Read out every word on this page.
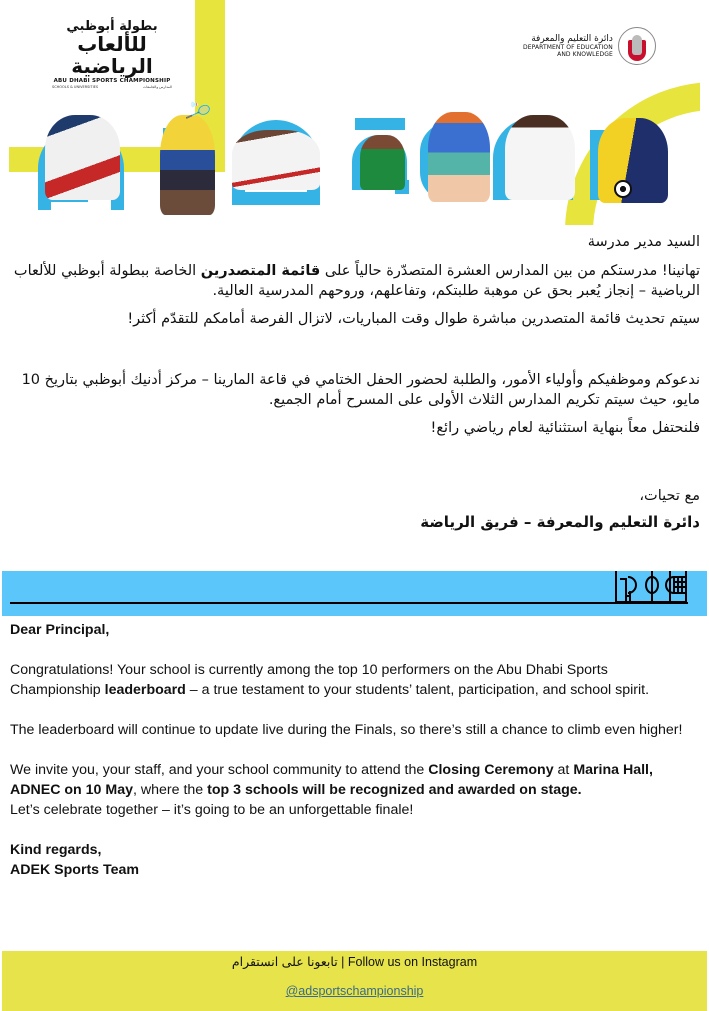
بطولة أبوظبي
للألعاب الرياضية
ABU DHABI SPORTS CHAMPIONSHIP
SCHOOLS & UNIVERSITIES	المدارس والجامعات
دائرة التعليم والمعرفة
DEPARTMENT OF EDUCATION
AND KNOWLEDGE
🏸

السيد مدير مدرسة

تهانينا! مدرستكم من بين المدارس العشرة المتصدّرة حالياً على قائمة المتصدرين الخاصة ببطولة أبوظبي للألعاب الرياضية – إنجاز يُعبر بحق عن موهبة طلبتكم، وتفاعلهم، وروحهم المدرسية العالية.

سيتم تحديث قائمة المتصدرين مباشرة طوال وقت المباريات، لاتزال الفرصة أمامكم للتقدّم أكثر!

ندعوكم وموظفيكم وأولياء الأمور، والطلبة لحضور الحفل الختامي في قاعة المارينا – مركز أدنيك أبوظبي بتاريخ 10 مايو، حيث سيتم تكريم المدارس الثلاث الأولى على المسرح أمام الجميع.

فلنحتفل معاً بنهاية استثنائية لعام رياضي رائع!

مع تحيات،

دائرة التعليم والمعرفة – فريق الرياضة

Dear Principal,

Congratulations! Your school is currently among the top 10 performers on the Abu Dhabi Sports Championship leaderboard – a true testament to your students’ talent, participation, and school spirit.

The leaderboard will continue to update live during the Finals, so there’s still a chance to climb even higher!

We invite you, your staff, and your school community to attend the Closing Ceremony at Marina Hall, ADNEC on 10 May, where the top 3 schools will be recognized and awarded on stage.
Let’s celebrate together – it’s going to be an unforgettable finale!

Kind regards,
ADEK Sports Team

تابعونا على انستقرام | Follow us on Instagram
@adsportschampionship
